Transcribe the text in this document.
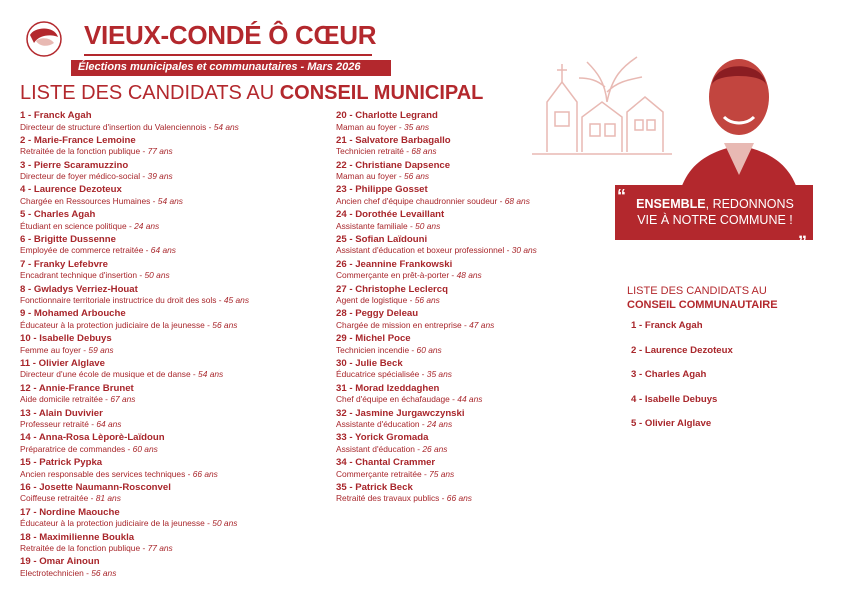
VIEUX-CONDÉ Ô CŒUR
Élections municipales et communautaires - Mars 2026
LISTE DES CANDIDATS AU CONSEIL MUNICIPAL
1 - Franck Agah
Directeur de structure d'insertion du Valenciennois - 54 ans
2 - Marie-France Lemoine
Retraitée de la fonction publique - 77 ans
3 - Pierre Scaramuzzino
Directeur de foyer médico-social - 39 ans
4 - Laurence Dezoteux
Chargée en Ressources Humaines - 54 ans
5 - Charles Agah
Étudiant en science politique - 24 ans
6 - Brigitte Dussenne
Employée de commerce retraitée - 64 ans
7 - Franky Lefebvre
Encadrant technique d'insertion - 50 ans
8 - Gwladys Verriez-Houat
Fonctionnaire territoriale instructrice du droit des sols - 45 ans
9 - Mohamed Arbouche
Éducateur à la protection judiciaire de la jeunesse - 56 ans
10 - Isabelle Debuys
Femme au foyer - 59 ans
11 - Olivier Alglave
Directeur d'une école de musique et de danse - 54 ans
12 - Annie-France Brunet
Aide domicile retraitée - 67 ans
13 - Alain Duvivier
Professeur retraité - 64 ans
14 - Anna-Rosa Lèporè-Laïdoun
Préparatrice de commandes - 60 ans
15 - Patrick Pypka
Ancien responsable des services techniques - 66 ans
16 - Josette Naumann-Rosconvel
Coiffeuse retraitée - 81 ans
17 - Nordine Maouche
Éducateur à la protection judiciaire de la jeunesse - 50 ans
18 - Maximilienne Boukla
Retraitée de la fonction publique - 77 ans
19 - Omar Ainoun
Electrotechnicien - 56 ans
20 - Charlotte Legrand
Maman au foyer - 35 ans
21 - Salvatore Barbagallo
Technicien retraité - 68 ans
22 - Christiane Dapsence
Maman au foyer - 56 ans
23 - Philippe Gosset
Ancien chef d'équipe chaudronnier soudeur - 68 ans
24 - Dorothée Levaillant
Assistante familiale - 50 ans
25 - Sofian Laïdouni
Assistant d'éducation et boxeur professionnel - 30 ans
26 - Jeannine Frankowski
Commerçante en prêt-à-porter - 48 ans
27 - Christophe Leclercq
Agent de logistique - 56 ans
28 - Peggy Deleau
Chargée de mission en entreprise - 47 ans
29 - Michel Poce
Technicien incendie - 60 ans
30 - Julie Beck
Éducatrice spécialisée - 35 ans
31 - Morad Izeddaghen
Chef d'équipe en échafaudage - 44 ans
32 - Jasmine Jurgawczynski
Assistante d'éducation - 24 ans
33 - Yorick Gromada
Assistant d'éducation - 26 ans
34 - Chantal Crammer
Commerçante retraitée - 75 ans
35 - Patrick Beck
Retraité des travaux publics - 66 ans
“ ENSEMBLE, REDONNONS
VIE À NOTRE COMMUNE !
„
LISTE DES CANDIDATS AU
CONSEIL COMMUNAUTAIRE
1 - Franck Agah
2 - Laurence Dezoteux
3 - Charles Agah
4 - Isabelle Debuys
5 - Olivier Alglave
